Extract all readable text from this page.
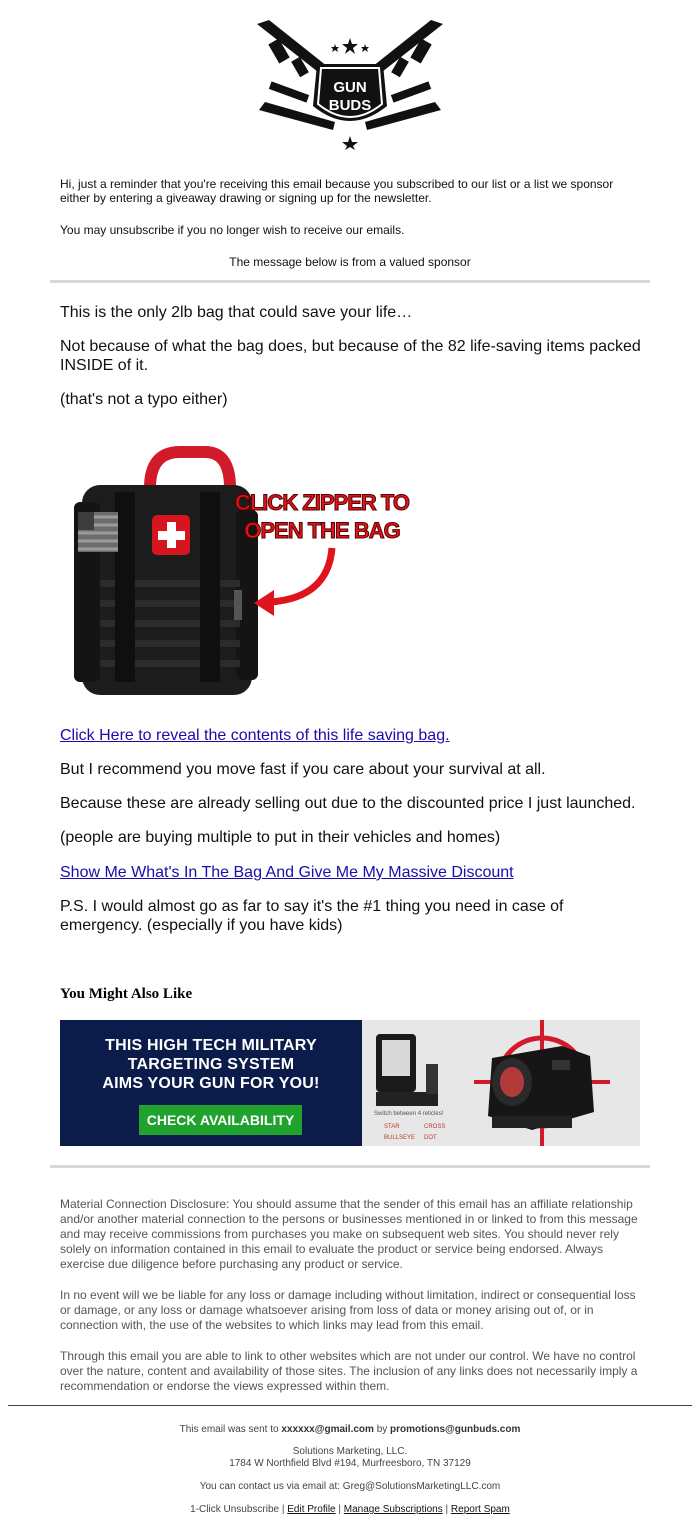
GUN
BUDS

Hi, just a reminder that you're receiving this email because you subscribed to our list or a list we sponsor either by entering a giveaway drawing or signing up for the newsletter.

You may unsubscribe if you no longer wish to receive our emails.

The message below is from a valued sponsor

This is the only 2lb bag that could save your life…

Not because of what the bag does, but because of the 82 life-saving items packed INSIDE of it.

(that's not a typo either)

CLICK ZIPPER TO
OPEN THE BAG

Click Here to reveal the contents of this life saving bag.

But I recommend you move fast if you care about your survival at all.

Because these are already selling out due to the discounted price I just launched.

(people are buying multiple to put in their vehicles and homes)

Show Me What's In The Bag And Give Me My Massive Discount

P.S. I would almost go as far to say it's the #1 thing you need in case of emergency. (especially if you have kids)

You Might Also Like

THIS HIGH TECH MILITARY
TARGETING SYSTEM
AIMS YOUR GUN FOR YOU!
CHECK AVAILABILITY	Switch between 4 reticles!
STAR	CROSS
BULLSEYE DOT

Material Connection Disclosure: You should assume that the sender of this email has an affiliate relationship and/or another material connection to the persons or businesses mentioned in or linked to from this message and may receive commissions from purchases you make on subsequent web sites. You should never rely solely on information contained in this email to evaluate the product or service being endorsed. Always exercise due diligence before purchasing any product or service.

In no event will we be liable for any loss or damage including without limitation, indirect or consequential loss or damage, or any loss or damage whatsoever arising from loss of data or money arising out of, or in connection with, the use of the websites to which links may lead from this email.

Through this email you are able to link to other websites which are not under our control. We have no control over the nature, content and availability of those sites. The inclusion of any links does not necessarily imply a recommendation or endorse the views expressed within them.

This email was sent to xxxxxx@gmail.com by promotions@gunbuds.com

Solutions Marketing, LLC.

1784 W Northfield Blvd #194, Murfreesboro, TN 37129

You can contact us via email at: Greg@SolutionsMarketingLLC.com

1-Click Unsubscribe | Edit Profile | Manage Subscriptions | Report Spam
